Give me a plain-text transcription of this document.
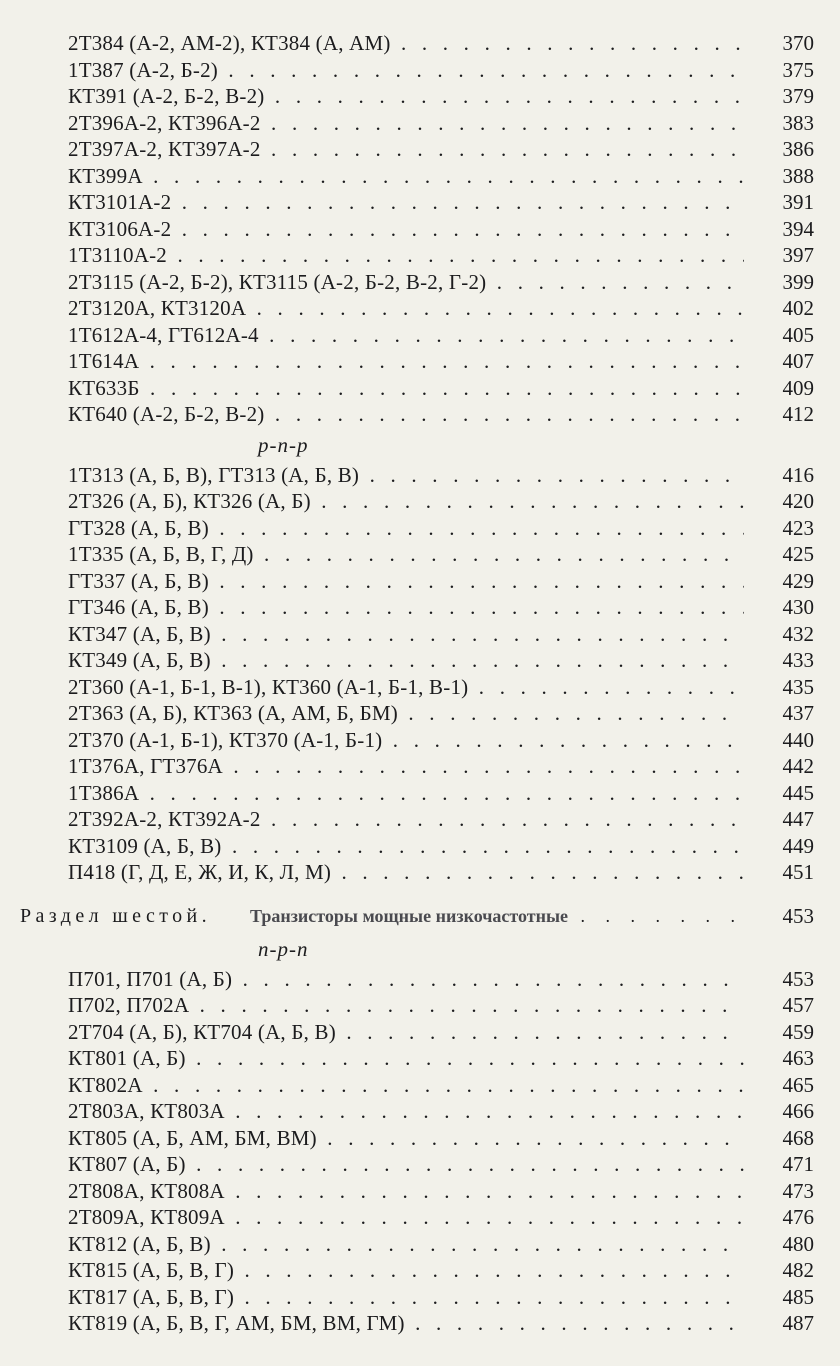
2Т384 (А-2, АМ-2), КТ384 (А, АМ) . . .	370
1Т387 (А-2, Б-2) . . .	375
КТ391 (А-2, Б-2, В-2) . . .	379
2Т396А-2, КТ396А-2 . . .	383
2Т397А-2, КТ397А-2 . . .	386
КТ399А . . .	388
КТ3101А-2 . . .	391
КТ3106А-2 . . .	394
1Т3110А-2 . . .	397
2Т3115 (А-2, Б-2), КТ3115 (А-2, Б-2, В-2, Г-2) . . .	399
2Т3120А, КТ3120А . . .	402
1Т612А-4, ГТ612А-4 . . .	405
1Т614А . . .	407
КТ633Б . . .	409
КТ640 (А-2, Б-2, В-2) . . .	412
p-n-p
1Т313 (А, Б, В), ГТ313 (А, Б, В) . . .	416
2Т326 (А, Б), КТ326 (А, Б) . . .	420
ГТ328 (А, Б, В) . . .	423
1Т335 (А, Б, В, Г, Д) . . .	425
ГТ337 (А, Б, В) . . .	429
ГТ346 (А, Б, В) . . .	430
КТ347 (А, Б, В) . . .	432
КТ349 (А, Б, В) . . .	433
2Т360 (А-1, Б-1, В-1), КТ360 (А-1, Б-1, В-1) . . .	435
2Т363 (А, Б), КТ363 (А, АМ, Б, БМ) . . .	437
2Т370 (А-1, Б-1), КТ370 (А-1, Б-1) . . .	440
1Т376А, ГТ376А . . .	442
1Т386А . . .	445
2Т392А-2, КТ392А-2 . . .	447
КТ3109 (А, Б, В) . . .	449
П418 (Г, Д, Е, Ж, И, К, Л, М) . . .	451
Раздел шестой. Транзисторы мощные низкочастотные . . .	453
n-p-n
П701, П701 (А, Б) . . .	453
П702, П702А . . .	457
2Т704 (А, Б), КТ704 (А, Б, В) . . .	459
КТ801 (А, Б) . . .	463
КТ802А . . .	465
2Т803А, КТ803А . . .	466
КТ805 (А, Б, АМ, БМ, ВМ) . . .	468
КТ807 (А, Б) . . .	471
2Т808А, КТ808А . . .	473
2Т809А, КТ809А . . .	476
КТ812 (А, Б, В) . . .	480
КТ815 (А, Б, В, Г) . . .	482
КТ817 (А, Б, В, Г) . . .	485
КТ819 (А, Б, В, Г, АМ, БМ, ВМ, ГМ) . . .	487
